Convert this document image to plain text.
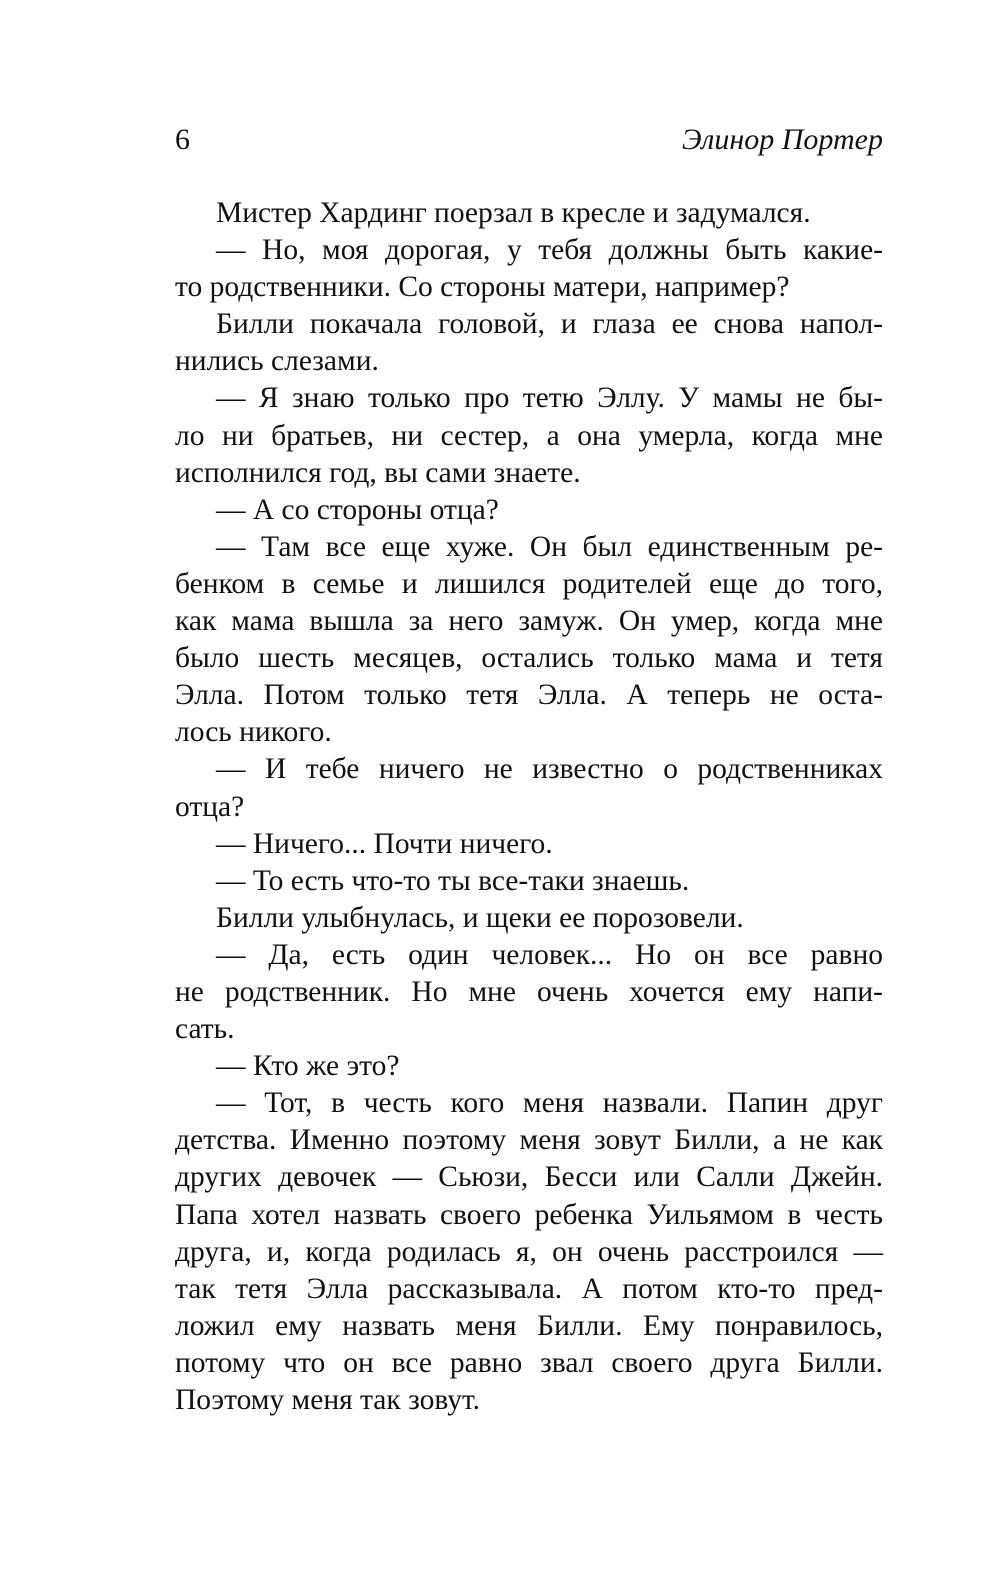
6	Элинор Портер
Мистер Хардинг поерзал в кресле и задумался.
— Но, моя дорогая, у тебя должны быть какие-
то родственники. Со стороны матери, например?
Билли покачала головой, и глаза ее снова напол-
нились слезами.
— Я знаю только про тетю Эллу. У мамы не бы-
ло ни братьев, ни сестер, а она умерла, когда мне
исполнился год, вы сами знаете.
— А со стороны отца?
— Там все еще хуже. Он был единственным ре-
бенком в семье и лишился родителей еще до того,
как мама вышла за него замуж. Он умер, когда мне
было шесть месяцев, остались только мама и тетя
Элла. Потом только тетя Элла. А теперь не оста-
лось никого.
— И тебе ничего не известно о родственниках
отца?
— Ничего... Почти ничего.
— То есть что-то ты все-таки знаешь.
Билли улыбнулась, и щеки ее порозовели.
— Да, есть один человек... Но он все равно
не родственник. Но мне очень хочется ему напи-
сать.
— Кто же это?
— Тот, в честь кого меня назвали. Папин друг
детства. Именно поэтому меня зовут Билли, а не как
других девочек — Сьюзи, Бесси или Салли Джейн.
Папа хотел назвать своего ребенка Уильямом в честь
друга, и, когда родилась я, он очень расстроился —
так тетя Элла рассказывала. А потом кто-то пред-
ложил ему назвать меня Билли. Ему понравилось,
потому что он все равно звал своего друга Билли.
Поэтому меня так зовут.
